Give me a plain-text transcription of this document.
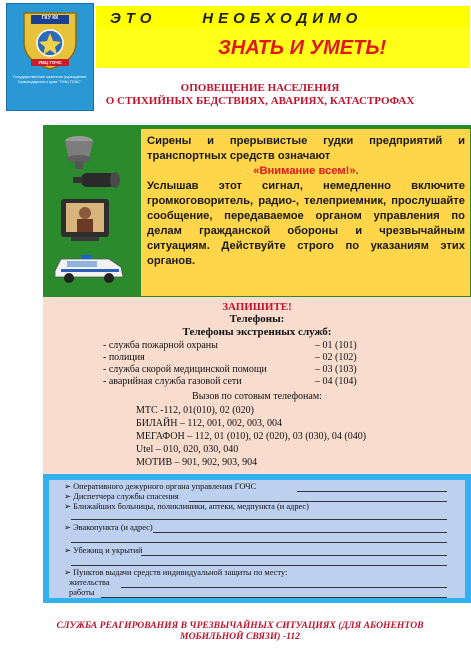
ГКУ КК
УМЦ ГОЧС
Государственное казенное учреждение Краснодарского края "УМЦ ГОЧС"
ЭТО     НЕОБХОДИМО
ЗНАТЬ И УМЕТЬ!
ОПОВЕЩЕНИЕ НАСЕЛЕНИЯ
О СТИХИЙНЫХ БЕДСТВИЯХ, АВАРИЯХ, КАТАСТРОФАХ
Сирены и прерывистые гудки предприятий и транспортных средств означают
«Внимание всем!».
Услышав этот сигнал, немедленно включите громкоговоритель, радио-, телеприемник, прослушайте сообщение, передаваемое органом управления по делам гражданской обороны и чрезвычайным ситуациям. Действуйте строго по указаниям этих органов.
ЗАПИШИТЕ!
Телефоны:
Телефоны экстренных служб:
- служба пожарной охраны	– 01 (101)
- полиция	– 02 (102)
- служба скорой медицинской помощи	– 03 (103)
- аварийная служба газовой сети	– 04 (104)
Вызов по сотовым телефонам:
МТС -112, 01(010), 02 (020)
БИЛАЙН – 112, 001, 002, 003, 004
МЕГАФОН – 112, 01 (010), 02 (020), 03 (030), 04 (040)
Utel – 010, 020, 030, 040
МОТИВ – 901, 902, 903, 904
➢ Оперативного дежурного органа управления ГОЧС
➢ Диспетчера службы спасения
➢ Ближайших больницы, поликлиники, аптеки, медпункта (и адрес)
➢ Эвакопункта (и адрес)
➢ Убежищ и укрытий
➢ Пунктов выдачи средств индивидуальной защиты по месту:
жительства
работы
СЛУЖБА РЕАГИРОВАНИЯ В ЧРЕЗВЫЧАЙНЫХ СИТУАЦИЯХ (ДЛЯ АБОНЕНТОВ
МОБИЛЬНОЙ СВЯЗИ) -112
